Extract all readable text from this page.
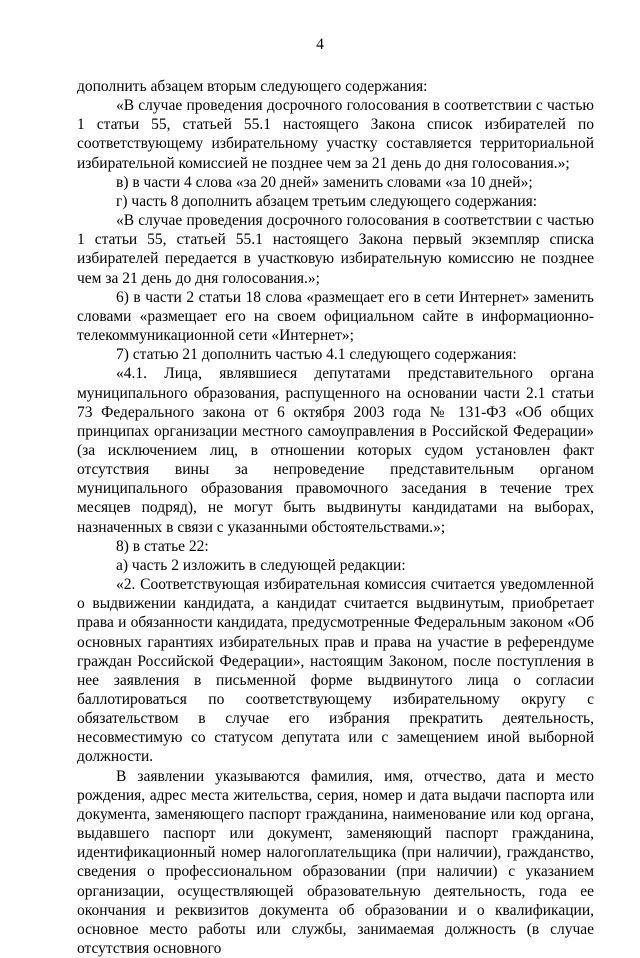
4

дополнить абзацем вторым следующего содержания:

«В случае проведения досрочного голосования в соответствии с частью 1 статьи 55, статьей 55.1 настоящего Закона список избирателей по соответствующему избирательному участку составляется территориальной избирательной комиссией не позднее чем за 21 день до дня голосования.»;

в) в части 4 слова «за 20 дней» заменить словами «за 10 дней»;

г) часть 8 дополнить абзацем третьим следующего содержания:

«В случае проведения досрочного голосования в соответствии с частью 1 статьи 55, статьей 55.1 настоящего Закона первый экземпляр списка избирателей передается в участковую избирательную комиссию не позднее чем за 21 день до дня голосования.»;

6) в части 2 статьи 18 слова «размещает его в сети Интернет» заменить словами «размещает его на своем официальном сайте в информационно-телекоммуникационной сети «Интернет»;

7) статью 21 дополнить частью 4.1 следующего содержания:

«4.1. Лица, являвшиеся депутатами представительного органа муниципального образования, распущенного на основании части 2.1 статьи 73 Федерального закона от 6 октября 2003 года № 131-ФЗ «Об общих принципах организации местного самоуправления в Российской Федерации» (за исключением лиц, в отношении которых судом установлен факт отсутствия вины за непроведение представительным органом муниципального образования правомочного заседания в течение трех месяцев подряд), не могут быть выдвинуты кандидатами на выборах, назначенных в связи с указанными обстоятельствами.»;

8) в статье 22:

а) часть 2 изложить в следующей редакции:

«2. Соответствующая избирательная комиссия считается уведомленной о выдвижении кандидата, а кандидат считается выдвинутым, приобретает права и обязанности кандидата, предусмотренные Федеральным законом «Об основных гарантиях избирательных прав и права на участие в референдуме граждан Российской Федерации», настоящим Законом, после поступления в нее заявления в письменной форме выдвинутого лица о согласии баллотироваться по соответствующему избирательному округу с обязательством в случае его избрания прекратить деятельность, несовместимую со статусом депутата или с замещением иной выборной должности.

В заявлении указываются фамилия, имя, отчество, дата и место рождения, адрес места жительства, серия, номер и дата выдачи паспорта или документа, заменяющего паспорт гражданина, наименование или код органа, выдавшего паспорт или документ, заменяющий паспорт гражданина, идентификационный номер налогоплательщика (при наличии), гражданство, сведения о профессиональном образовании (при наличии) с указанием организации, осуществляющей образовательную деятельность, года ее окончания и реквизитов документа об образовании и о квалификации, основное место работы или службы, занимаемая должность (в случае отсутствия основного
